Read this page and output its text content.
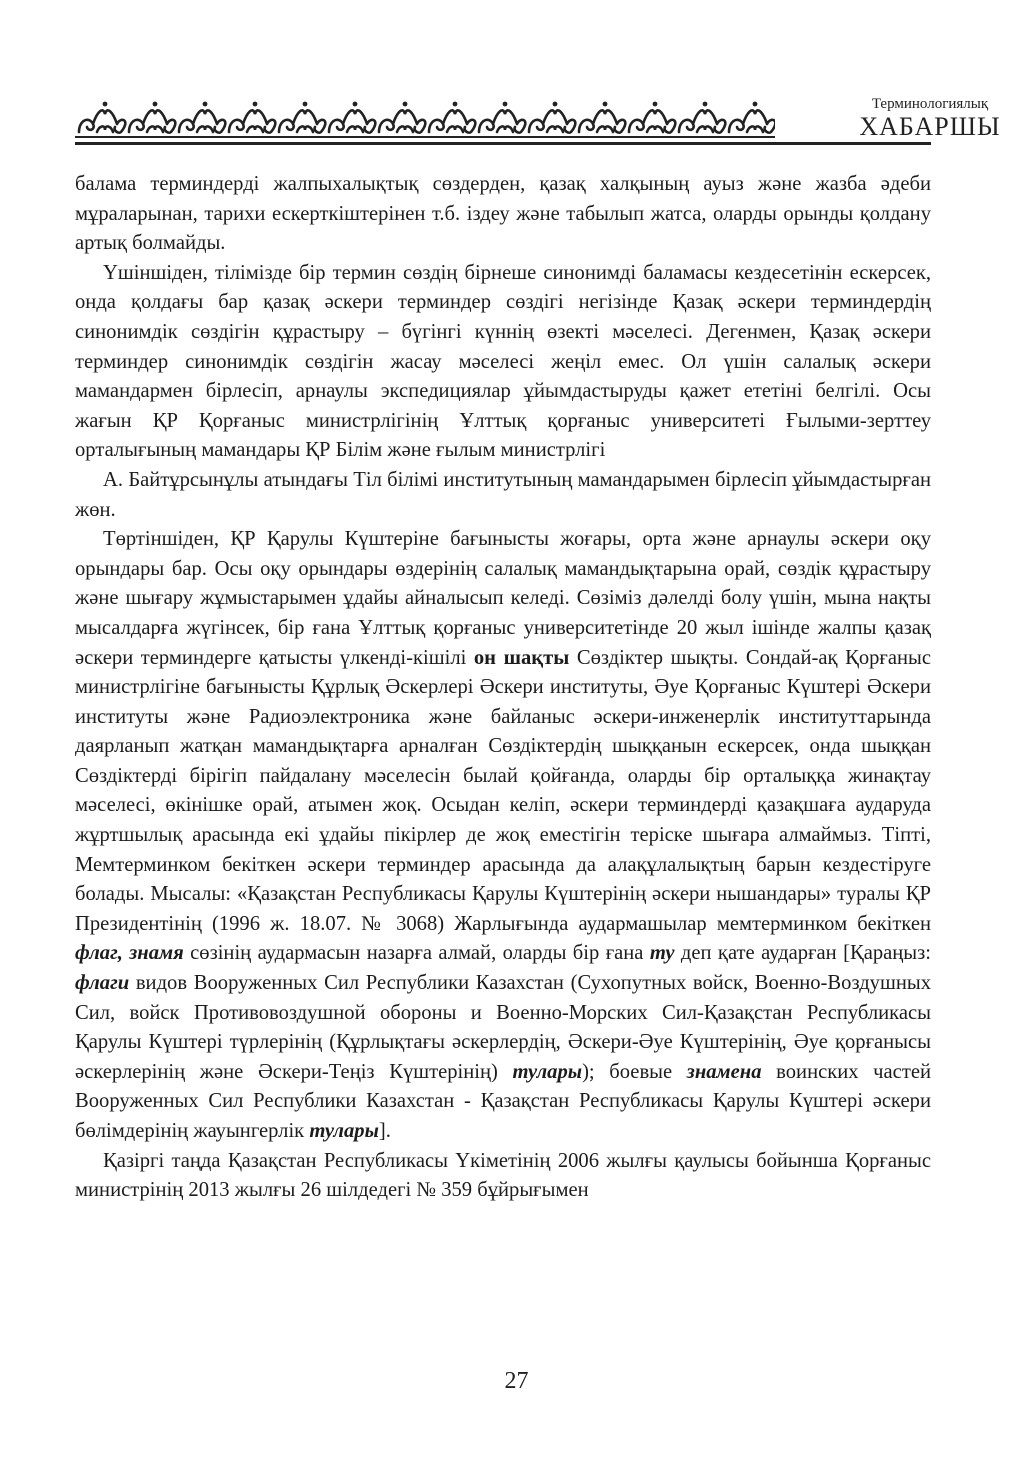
Терминологиялық
ХАБАРШЫ

балама терминдерді жалпыхалықтық сөздерден, қазақ халқының ауыз және жазба әдеби мұраларынан, тарихи ескерткіштерінен т.б. іздеу және табылып жатса, оларды орынды қолдану артық болмайды.

Үшіншіден, тілімізде бір термин сөздің бірнеше синонимді баламасы кездесетінін ескерсек, онда қолдағы бар қазақ әскери терминдер сөздігі негізінде Қазақ әскери терминдердің синонимдік сөздігін құрастыру – бүгінгі күннің өзекті мәселесі. Дегенмен, Қазақ әскери терминдер синонимдік сөздігін жасау мәселесі жеңіл емес. Ол үшін салалық әскери мамандармен бірлесіп, арнаулы экспедициялар ұйымдастыруды қажет ететіні белгілі. Осы жағын ҚР Қорғаныс министрлігінің Ұлттық қорғаныс университеті Ғылыми-зерттеу орталығының мамандары ҚР Білім және ғылым министрлігі

А. Байтұрсынұлы атындағы Тіл білімі институтының мамандарымен бірлесіп ұйымдастырған жөн.

Төртіншіден, ҚР Қарулы Күштеріне бағынысты жоғары, орта және арнаулы әскери оқу орындары бар. Осы оқу орындары өздерінің салалық мамандықтарына орай, сөздік құрастыру және шығару жұмыстарымен ұдайы айналысып келеді. Сөзіміз дәлелді болу үшін, мына нақты мысалдарға жүгінсек, бір ғана Ұлттық қорғаныс университетінде 20 жыл ішінде жалпы қазақ әскери терминдерге қатысты үлкенді-кішілі он шақты Сөздіктер шықты. Сондай-ақ Қорғаныс министрлігіне бағынысты Құрлық Әскерлері Әскери институты, Әуе Қорғаныс Күштері Әскери институты және Радиоэлектроника және байланыс әскери-инженерлік институттарында даярланып жатқан мамандықтарға арналған Сөздіктердің шыққанын ескерсек, онда шыққан Сөздіктерді бірігіп пайдалану мәселесін былай қойғанда, оларды бір орталыққа жинақтау мәселесі, өкінішке орай, атымен жоқ. Осыдан келіп, әскери терминдерді қазақшаға аударуда жұртшылық арасында екі ұдайы пікірлер де жоқ еместігін теріске шығара алмаймыз. Тіпті, Мемтерминком бекіткен әскери терминдер арасында да алақұлалықтың барын кездестіруге болады. Мысалы: «Қазақстан Республикасы Қарулы Күштерінің әскери нышандары» туралы ҚР Президентінің (1996 ж. 18.07. № 3068) Жарлығында аудармашылар мемтерминком бекіткен флаг, знамя сөзінің аудармасын назарға алмай, оларды бір ғана ту деп қате аударған [Қараңыз: флаги видов Вооруженных Сил Республики Казахстан (Сухопутных войск, Военно-Воздушных Сил, войск Противовоздушной обороны и Военно-Морских Сил-Қазақстан Республикасы Қарулы Күштері түрлерінің (Құрлықтағы әскерлердің, Әскери-Әуе Күштерінің, Әуе қорғанысы әскерлерінің және Әскери-Теңіз Күштерінің) тулары); боевые знамена воинских частей Вооруженных Сил Республики Казахстан - Қазақстан Республикасы Қарулы Күштері әскери бөлімдерінің жауынгерлік тулары].

Қазіргі таңда Қазақстан Республикасы Үкіметінің 2006 жылғы қаулысы бойынша Қорғаныс министрінің 2013 жылғы 26 шілдедегі № 359 бұйрығымен

27
